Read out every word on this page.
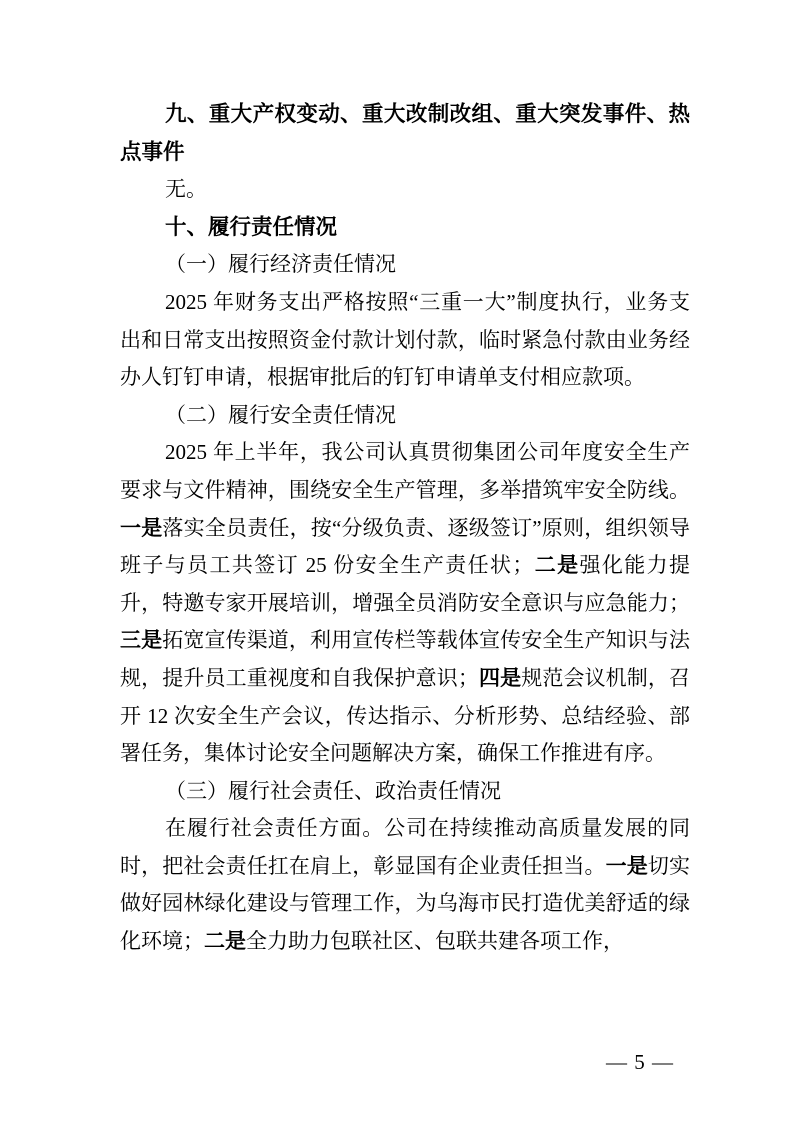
九、重大产权变动、重大改制改组、重大突发事件、热点事件

无。

十、履行责任情况

（一）履行经济责任情况

2025 年财务支出严格按照“三重一大”制度执行，业务支出和日常支出按照资金付款计划付款，临时紧急付款由业务经办人钉钉申请，根据审批后的钉钉申请单支付相应款项。

（二）履行安全责任情况

2025 年上半年，我公司认真贯彻集团公司年度安全生产要求与文件精神，围绕安全生产管理，多举措筑牢安全防线。一是落实全员责任，按“分级负责、逐级签订”原则，组织领导班子与员工共签订 25 份安全生产责任状；二是强化能力提升，特邀专家开展培训，增强全员消防安全意识与应急能力；三是拓宽宣传渠道，利用宣传栏等载体宣传安全生产知识与法规，提升员工重视度和自我保护意识；四是规范会议机制，召开 12 次安全生产会议，传达指示、分析形势、总结经验、部署任务，集体讨论安全问题解决方案，确保工作推进有序。

（三）履行社会责任、政治责任情况

在履行社会责任方面。公司在持续推动高质量发展的同时，把社会责任扛在肩上，彰显国有企业责任担当。一是切实做好园林绿化建设与管理工作，为乌海市民打造优美舒适的绿化环境；二是全力助力包联社区、包联共建各项工作，

— 5 —
